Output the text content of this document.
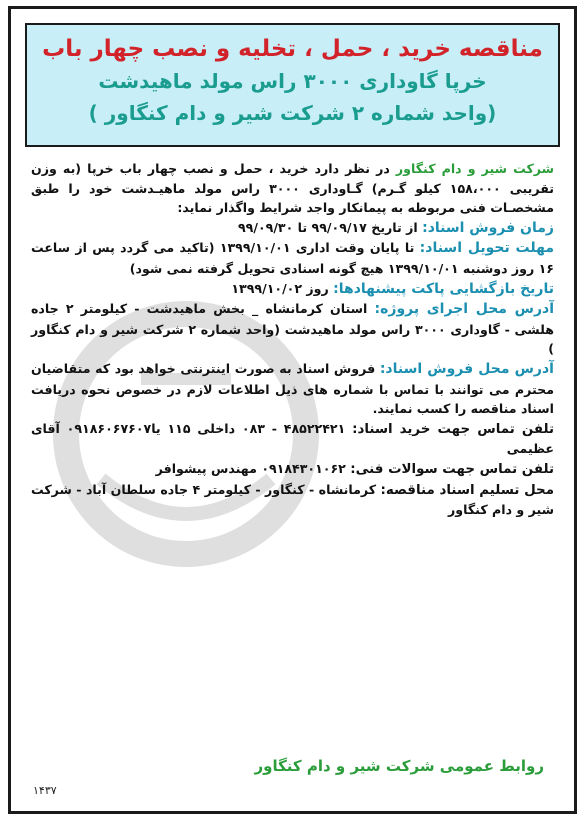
مناقصه خرید ، حمل ، تخلیه و نصب چهار باب
خرپا گاوداری ۳۰۰۰ راس مولد ماهیدشت
(واحد شماره ۲ شرکت شیر و دام کنگاور )

شرکت شیر و دام کنگاور در نظر دارد خرید ، حمل و نصب چهار باب خرپا (به وزن تقریبی ۱۵۸،۰۰۰ کیلو گـرم) گـاوداری ۳۰۰۰ راس مولد ماهیـدشت خود را طبق مشخصـات فنی مربوطه به پیمانکار واجد شرایط واگذار نماید:

زمان فروش اسناد: از تاریخ ۹۹/۰۹/۱۷ تا ۹۹/۰۹/۳۰

مهلت تحویل اسناد: تا پایان وقت اداری ۱۳۹۹/۱۰/۰۱ (تاکید می گردد پس از ساعت ۱۶ روز دوشنبه ۱۳۹۹/۱۰/۰۱ هیچ گونه اسنادی تحویل گرفته نمی شود)

تاریخ بازگشایی پاکت پیشنهادها: روز ۱۳۹۹/۱۰/۰۲

آدرس محل اجرای پروژه: استان کرمانشاه _ بخش ماهیدشت - کیلومتر ۲ جاده هلشی - گاوداری ۳۰۰۰ راس مولد ماهیدشت (واحد شماره ۲ شرکت شیر و دام کنگاور )

آدرس محل فروش اسناد: فروش اسناد به صورت اینترنتی خواهد بود که متقاضیان محترم می توانند با تماس با شماره های ذیل اطلاعات لازم در خصوص نحوه دریافت اسناد مناقصه را کسب نمایند.

تلفن تماس جهت خرید اسناد: ۴۸۵۲۲۴۲۱ - ۰۸۳ داخلی ۱۱۵ یا۰۹۱۸۶۰۶۷۶۰۷ آقای عظیمی

تلفن تماس جهت سوالات فنی: ۰۹۱۸۴۳۰۱۰۶۲ مهندس پیشوافر

محل تسلیم اسناد مناقصه: کرمانشاه - کنگاور - کیلومتر ۴ جاده سلطان آباد - شرکت شیر و دام کنگاور

روابط عمومی شرکت شیر و دام کنگاور
۱۴۳۷
